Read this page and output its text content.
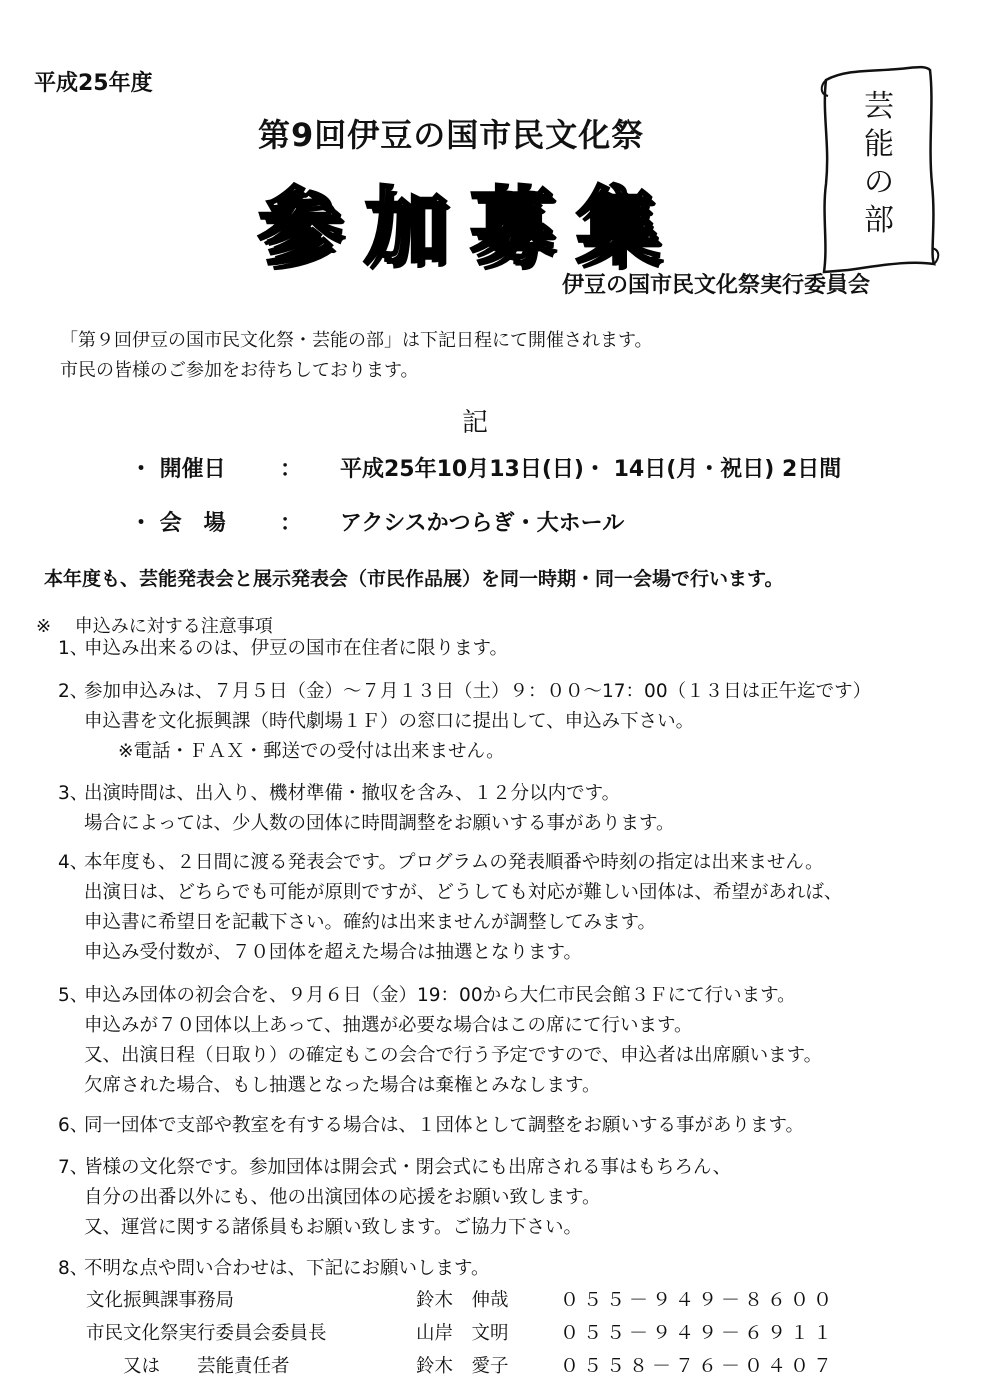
平成25年度
第9回伊豆の国市民文化祭
参加募集
伊豆の国市民文化祭実行委員会
芸
能
の
部
「第９回伊豆の国市民文化祭・芸能の部」は下記日程にて開催されます。
市民の皆様のご参加をお待ちしております。
記
・ 開催日 ： 平成25年10月13日(日)・ 14日(月・祝日) 2日間
・ 会　場 ： アクシスかつらぎ・大ホール
本年度も、芸能発表会と展示発表会（市民作品展）を同一時期・同一会場で行います。
※　 申込みに対する注意事項
1、申込み出来るのは、伊豆の国市在住者に限ります。
2、参加申込みは、７月５日（金）～７月１３日（土）９：００～17：00（１３日は正午迄です）
申込書を文化振興課（時代劇場１Ｆ）の窓口に提出して、申込み下さい。
※電話・ＦＡＸ・郵送での受付は出来ません。
3、出演時間は、出入り、機材準備・撤収を含み、１２分以内です。
場合によっては、少人数の団体に時間調整をお願いする事があります。
4、本年度も、２日間に渡る発表会です。プログラムの発表順番や時刻の指定は出来ません。
出演日は、どちらでも可能が原則ですが、どうしても対応が難しい団体は、希望があれば、
申込書に希望日を記載下さい。確約は出来ませんが調整してみます。
申込み受付数が、７０団体を超えた場合は抽選となります。
5、申込み団体の初会合を、９月６日（金）19：00から大仁市民会館３Ｆにて行います。
申込みが７０団体以上あって、抽選が必要な場合はこの席にて行います。
又、出演日程（日取り）の確定もこの会合で行う予定ですので、申込者は出席願います。
欠席された場合、もし抽選となった場合は棄権とみなします。
6、同一団体で支部や教室を有する場合は、１団体として調整をお願いする事があります。
7、皆様の文化祭です。参加団体は開会式・閉会式にも出席される事はもちろん、
自分の出番以外にも、他の出演団体の応援をお願い致します。
又、運営に関する諸係員もお願い致します。ご協力下さい。
8、不明な点や問い合わせは、下記にお願いします。
文化振興課事務局	鈴木　伸哉	０５５－９４９－８６００
市民文化祭実行委員会委員長	山岸　文明	０５５－９４９－６９１１
　　又は　　芸能責任者	鈴木　愛子	０５５８－７６－０４０７
